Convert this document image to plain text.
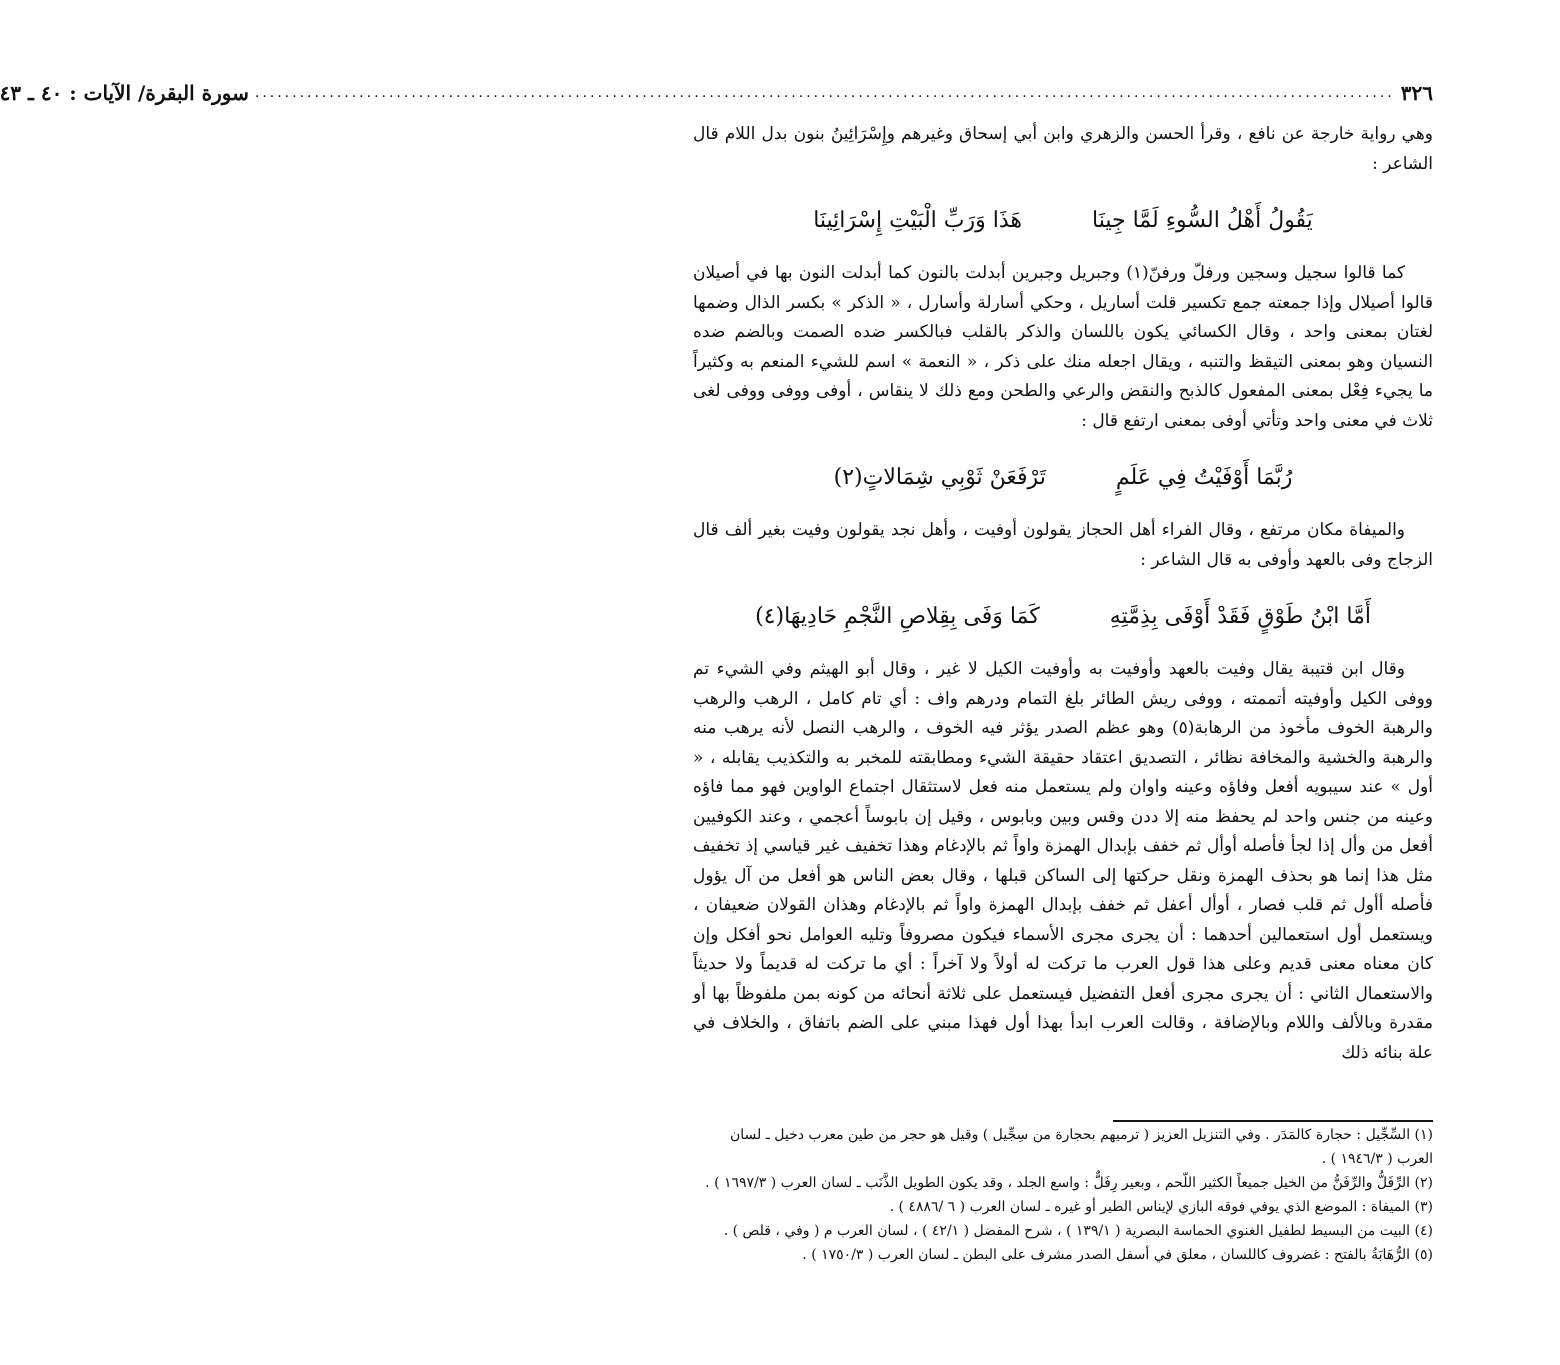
٣٢٦
.........................................................................................................................................................
سورة البقرة/ الآيات : ٤٠ ـ ٤٣

وهي رواية خارجة عن نافع ، وقرأ الحسن والزهري وابن أبي إسحاق وغيرهم وإِسْرَائِينُ بنون بدل اللام قال الشاعر :

يَقُولُ أَهْلُ السُّوءِ لَمَّا جِينَا
هَذَا وَرَبِّ الْبَيْتِ إِسْرَائِينَا

كما قالوا سجيل وسجين ورفلّ ورفنّ(١) وجبريل وجبرين أبدلت بالنون كما أبدلت النون بها في أصيلان قالوا أصيلال وإذا جمعته جمع تكسير قلت أساريل ، وحكي أسارلة وأسارل ، « الذكر » بكسر الذال وضمها لغتان بمعنى واحد ، وقال الكسائي يكون باللسان والذكر بالقلب فبالكسر ضده الصمت وبالضم ضده النسيان وهو بمعنى التيقظ والتنبه ، ويقال اجعله منك على ذكر ، « النعمة » اسم للشيء المنعم به وكثيراً ما يجيء فِعْل بمعنى المفعول كالذبح والنقض والرعي والطحن ومع ذلك لا ينقاس ، أوفى ووفى ووفى لغى ثلاث في معنى واحد وتأتي أوفى بمعنى ارتفع قال :

رُبَّمَا أَوْفَيْتُ فِي عَلَمٍ
تَرْفَعَنْ ثَوْبِي شِمَالاتٍ(٢)

والميفاة مكان مرتفع ، وقال الفراء أهل الحجاز يقولون أوفيت ، وأهل نجد يقولون وفيت بغير ألف قال الزجاج وفى بالعهد وأوفى به قال الشاعر :

أَمَّا ابْنُ طَوْقٍ فَقَدْ أَوْفَى بِذِمَّتِهِ
كَمَا وَفَى بِقِلاصِ النَّجْمِ حَادِيهَا(٤)

وقال ابن قتيبة يقال وفيت بالعهد وأوفيت به وأوفيت الكيل لا غير ، وقال أبو الهيثم وفي الشيء تم ووفى الكيل وأوفيته أتممته ، ووفى ريش الطائر بلغ التمام ودرهم واف : أي تام كامل ، الرهب والرهب والرهبة الخوف مأخوذ من الرهابة(٥) وهو عظم الصدر يؤثر فيه الخوف ، والرهب النصل لأنه يرهب منه والرهبة والخشية والمخافة نظائر ، التصديق اعتقاد حقيقة الشيء ومطابقته للمخبر به والتكذيب يقابله ، « أول » عند سيبويه أفعل وفاؤه وعينه واوان ولم يستعمل منه فعل لاستثقال اجتماع الواوين فهو مما فاؤه وعينه من جنس واحد لم يحفظ منه إلا ددن وقس وبين وبابوس ، وقيل إن بابوساً أعجمي ، وعند الكوفيين أفعل من وأل إذا لجأ فأصله أوأل ثم خفف بإبدال الهمزة واواً ثم بالإدغام وهذا تخفيف غير قياسي إذ تخفيف مثل هذا إنما هو بحذف الهمزة ونقل حركتها إلى الساكن قبلها ، وقال بعض الناس هو أفعل من آل يؤول فأصله أأول ثم قلب فصار ، أوأل أعفل ثم خفف بإبدال الهمزة واواً ثم بالإدغام وهذان القولان ضعيفان ، ويستعمل أول استعمالين أحدهما : أن يجرى مجرى الأسماء فيكون مصروفاً وتليه العوامل نحو أفكل وإن كان معناه معنى قديم وعلى هذا قول العرب ما تركت له أولاً ولا آخراً : أي ما تركت له قديماً ولا حديثاً والاستعمال الثاني : أن يجرى مجرى أفعل التفضيل فيستعمل على ثلاثة أنحائه من كونه بمن ملفوظاً بها أو مقدرة وبالألف واللام وبالإضافة ، وقالت العرب ابدأ بهذا أول فهذا مبني على الضم باتفاق ، والخلاف في علة بنائه ذلك

(١) السِّجِّيل : حجارة كالمَدَر . وفي التنزيل العزيز ( ترميهم بحجارة من سِجِّيل ) وقيل هو حجر من طين معرب دخيل ـ لسان العرب ( ١٩٤٦/٣ ) .

(٢) الرِّفَلُّ والرِّفَنُّ من الخيل جميعاً الكثير اللّحم ، وبعير رِفَلٌّ : واسع الجلد ، وقد يكون الطويل الذَّنَب ـ لسان العرب ( ١٦٩٧/٣ ) .

(٣) الميفاة : الموضع الذي يوفي فوقه البازي لإيناس الطير أو غيره ـ لسان العرب ( ٦ /٤٨٨٦ ) .

(٤) البيت من البسيط لطفيل الغنوي الحماسة البصرية ( ١٣٩/١ ) ، شرح المفضل ( ٤٢/١ ) ، لسان العرب م ( وفي ، قلص ) .

(٥) الرُّهَابَةُ بالفتح : غضروف كاللسان ، معلق في أسفل الصدر مشرف على البطن ـ لسان العرب ( ١٧٥٠/٣ ) .
